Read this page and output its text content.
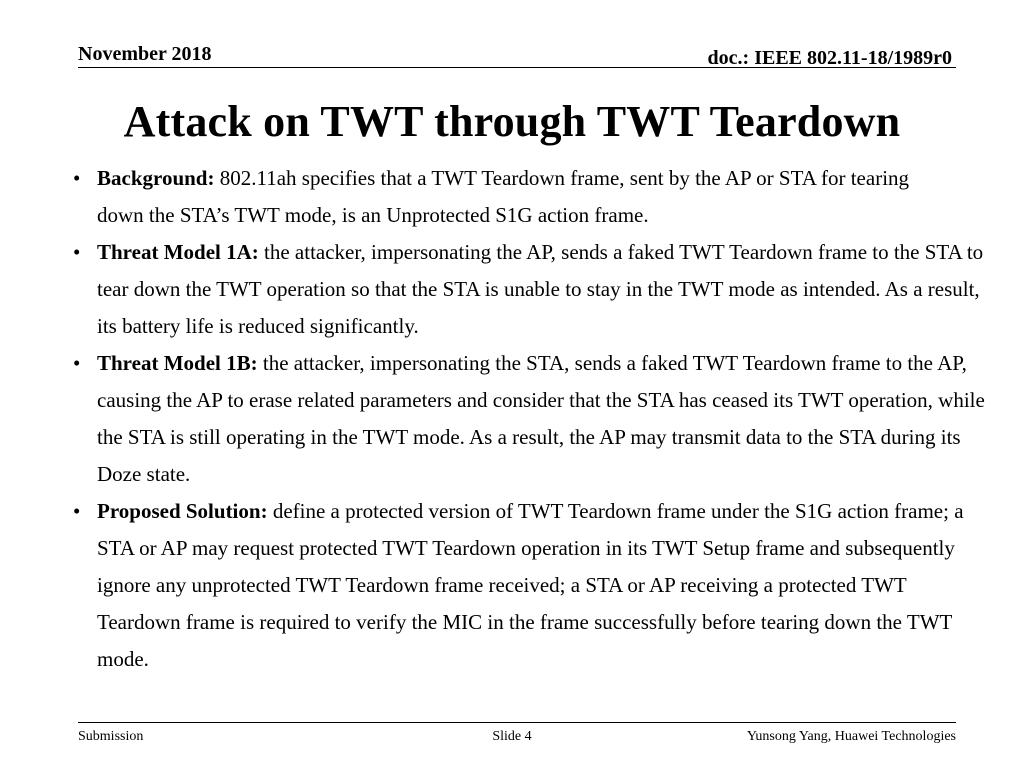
November 2018	doc.: IEEE 802.11-18/1989r0
Attack on TWT through TWT Teardown
• Background: 802.11ah specifies that a TWT Teardown frame, sent by the AP or STA for tearing down the STA’s TWT mode, is an Unprotected S1G action frame.
• Threat Model 1A: the attacker, impersonating the AP, sends a faked TWT Teardown frame to the STA to tear down the TWT operation so that the STA is unable to stay in the TWT mode as intended. As a result, its battery life is reduced significantly.
• Threat Model 1B: the attacker, impersonating the STA, sends a faked TWT Teardown frame to the AP, causing the AP to erase related parameters and consider that the STA has ceased its TWT operation, while the STA is still operating in the TWT mode. As a result, the AP may transmit data to the STA during its Doze state.
• Proposed Solution: define a protected version of TWT Teardown frame under the S1G action frame; a STA or AP may request protected TWT Teardown operation in its TWT Setup frame and subsequently ignore any unprotected TWT Teardown frame received; a STA or AP receiving a protected TWT Teardown frame is required to verify the MIC in the frame successfully before tearing down the TWT mode.
Submission	Slide 4	Yunsong Yang, Huawei Technologies
